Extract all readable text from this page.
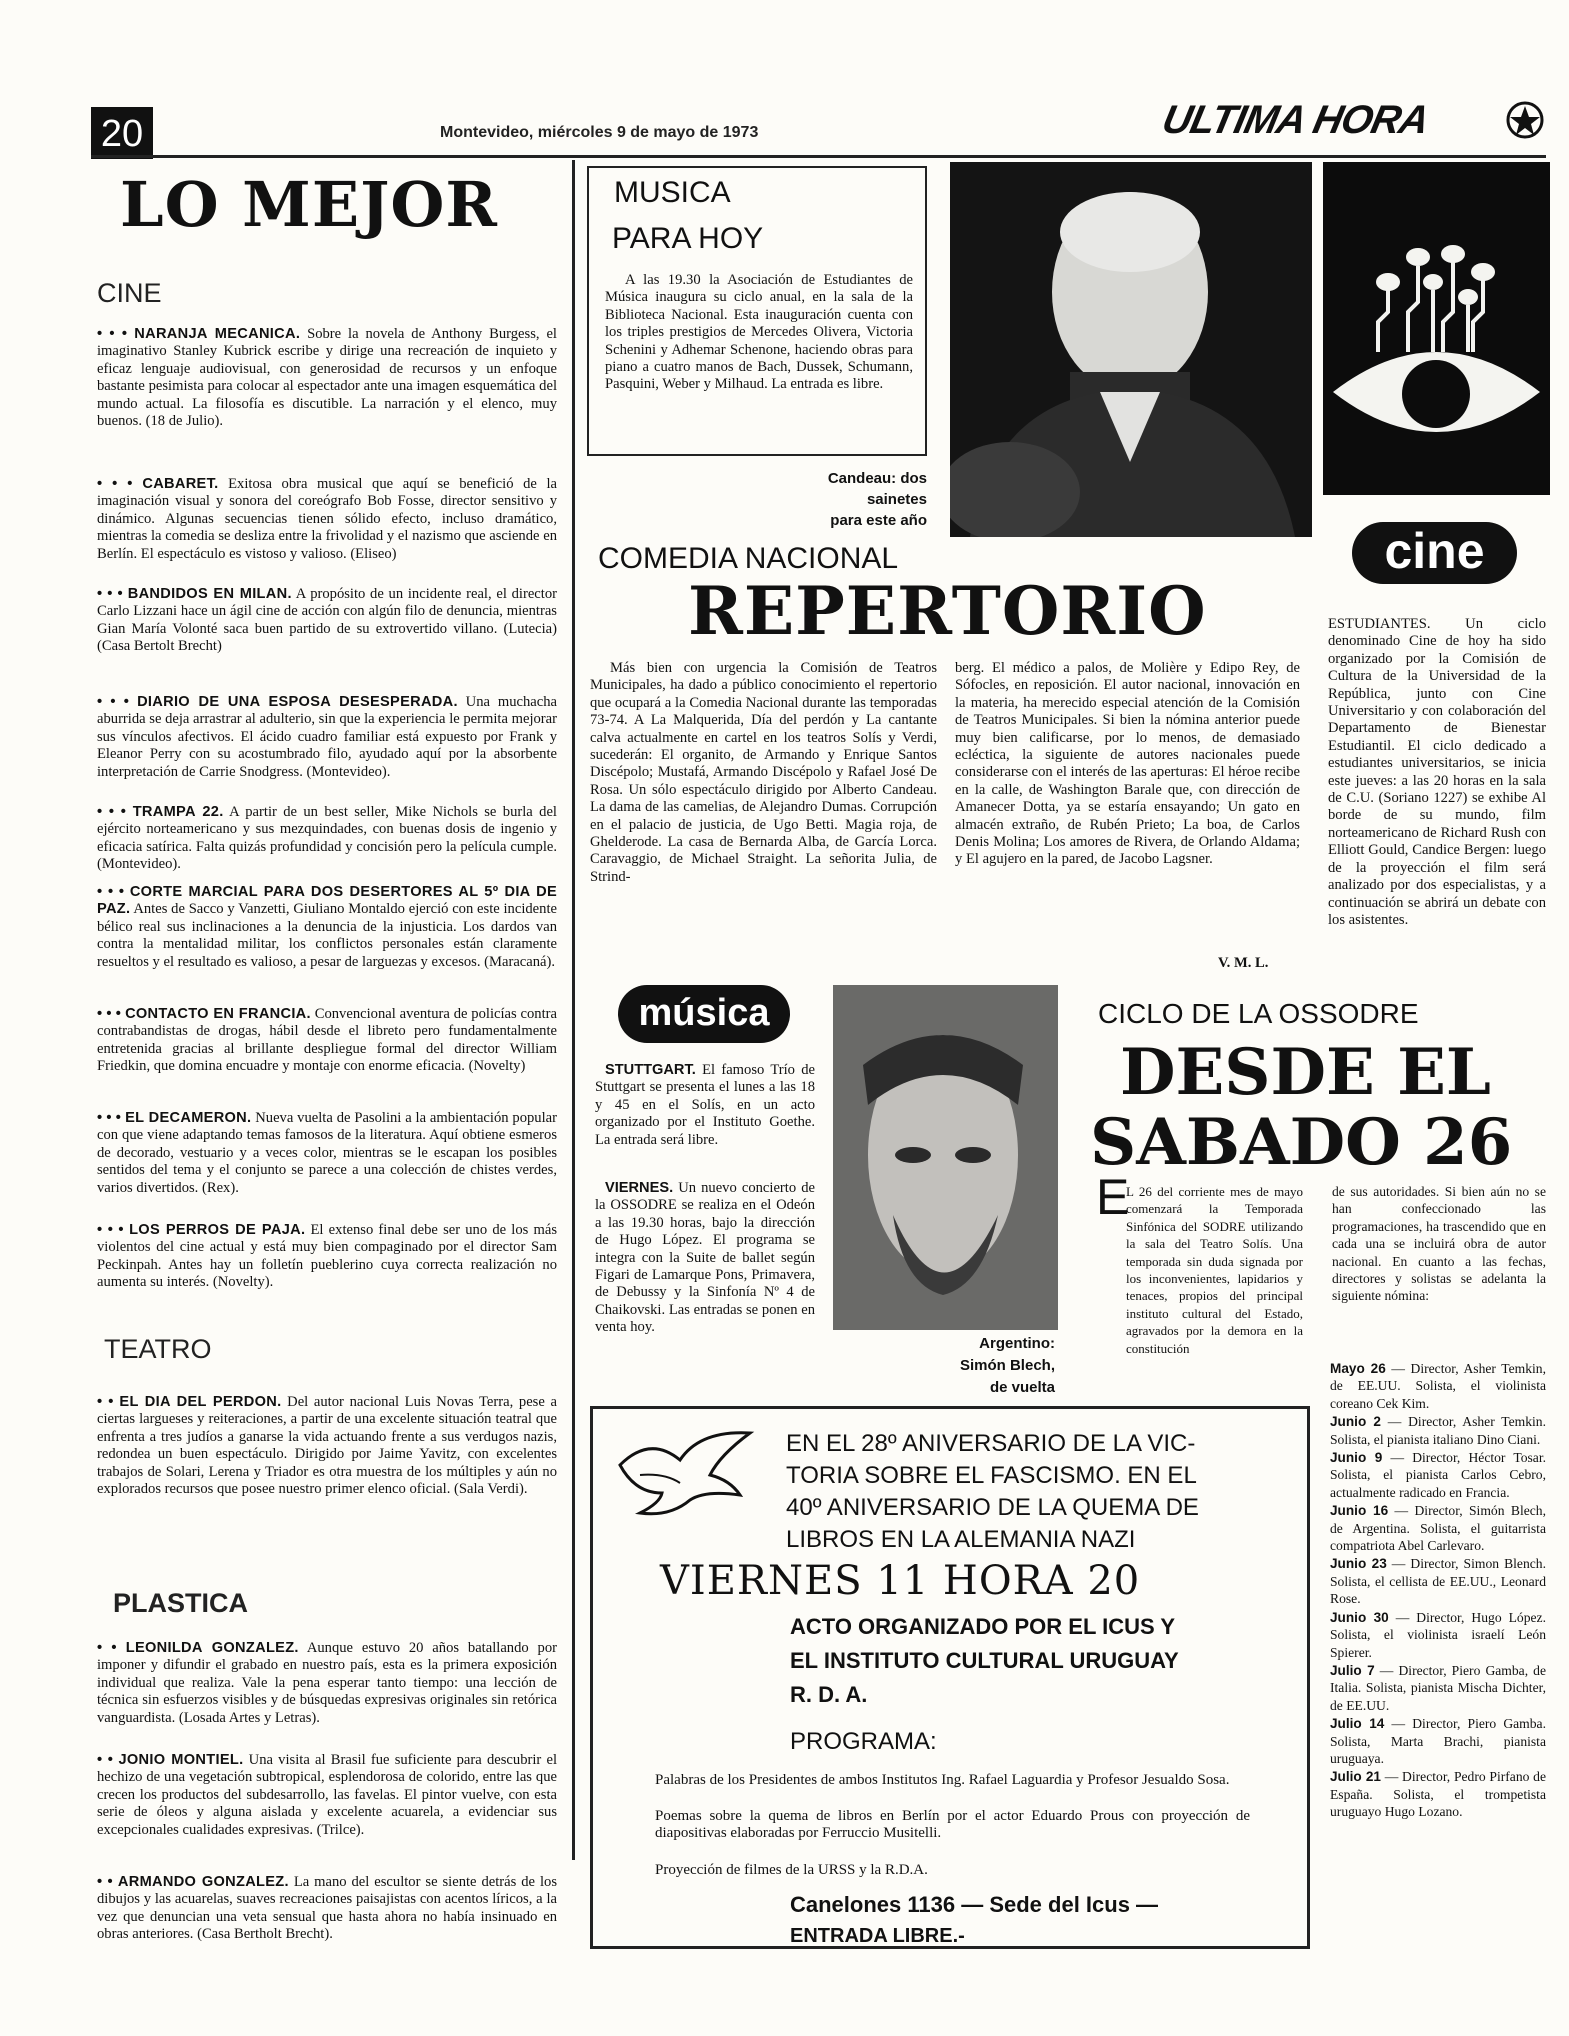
20	Montevideo, miércoles 9 de mayo de 1973	ULTIMA HORA
LO MEJOR
CINE

• • • NARANJA MECANICA. Sobre la novela de Anthony Burgess, el imaginativo Stanley Kubrick escribe y dirige una recreación de inquieto y eficaz lenguaje audiovisual, con generosidad de recursos y un enfoque bastante pesimista para colocar al espectador ante una imagen esquemática del mundo actual. La filosofía es discutible. La narración y el elenco, muy buenos. (18 de Julio).

• • • CABARET. Exitosa obra musical que aquí se benefició de la imaginación visual y sonora del coreógrafo Bob Fosse, director sensitivo y dinámico. Algunas secuencias tienen sólido efecto, incluso dramático, mientras la comedia se desliza entre la frivolidad y el nazismo que asciende en Berlín. El espectáculo es vistoso y valioso. (Eliseo)

• • • BANDIDOS EN MILAN. A propósito de un incidente real, el director Carlo Lizzani hace un ágil cine de acción con algún filo de denuncia, mientras Gian María Volonté saca buen partido de su extrovertido villano. (Lutecia) (Casa Bertolt Brecht)

• • • DIARIO DE UNA ESPOSA DESESPERADA. Una muchacha aburrida se deja arrastrar al adulterio, sin que la experiencia le permita mejorar sus vínculos afectivos. El ácido cuadro familiar está expuesto por Frank y Eleanor Perry con su acostumbrado filo, ayudado aquí por la absorbente interpretación de Carrie Snodgress. (Montevideo).

• • • TRAMPA 22. A partir de un best seller, Mike Nichols se burla del ejército norteamericano y sus mezquindades, con buenas dosis de ingenio y eficacia satírica. Falta quizás profundidad y concisión pero la película cumple. (Montevideo).

• • • CORTE MARCIAL PARA DOS DESERTORES AL 5º DIA DE PAZ. Antes de Sacco y Vanzetti, Giuliano Montaldo ejerció con este incidente bélico real sus inclinaciones a la denuncia de la injusticia. Los dardos van contra la mentalidad militar, los conflictos personales están claramente resueltos y el resultado es valioso, a pesar de larguezas y excesos. (Maracaná).

• • • CONTACTO EN FRANCIA. Convencional aventura de policías contra contrabandistas de drogas, hábil desde el libreto pero fundamentalmente entretenida gracias al brillante despliegue formal del director William Friedkin, que domina encuadre y montaje con enorme eficacia. (Novelty)

• • • EL DECAMERON. Nueva vuelta de Pasolini a la ambientación popular con que viene adaptando temas famosos de la literatura. Aquí obtiene esmeros de decorado, vestuario y a veces color, mientras se le escapan los posibles sentidos del tema y el conjunto se parece a una colección de chistes verdes, varios divertidos. (Rex).

• • • LOS PERROS DE PAJA. El extenso final debe ser uno de los más violentos del cine actual y está muy bien compaginado por el director Sam Peckinpah. Antes hay un folletín pueblerino cuya correcta realización no aumenta su interés. (Novelty).

TEATRO

• • EL DIA DEL PERDON. Del autor nacional Luis Novas Terra, pese a ciertas largueses y reiteraciones, a partir de una excelente situación teatral que enfrenta a tres judíos a ganarse la vida actuando frente a sus verdugos nazis, redondea un buen espectáculo. Dirigido por Jaime Yavitz, con excelentes trabajos de Solari, Lerena y Triador es otra muestra de los múltiples y aún no explorados recursos que posee nuestro primer elenco oficial. (Sala Verdi).

PLASTICA

• • LEONILDA GONZALEZ. Aunque estuvo 20 años batallando por imponer y difundir el grabado en nuestro país, esta es la primera exposición individual que realiza. Vale la pena esperar tanto tiempo: una lección de técnica sin esfuerzos visibles y de búsquedas expresivas originales sin retórica vanguardista. (Losada Artes y Letras).

• • JONIO MONTIEL. Una visita al Brasil fue suficiente para descubrir el hechizo de una vegetación subtropical, esplendorosa de colorido, entre las que crecen los productos del subdesarrollo, las favelas. El pintor vuelve, con esta serie de óleos y alguna aislada y excelente acuarela, a evidenciar sus excepcionales cualidades expresivas. (Trilce).

• • ARMANDO GONZALEZ. La mano del escultor se siente detrás de los dibujos y las acuarelas, suaves recreaciones paisajistas con acentos líricos, a la vez que denuncian una veta sensual que hasta ahora no había insinuado en obras anteriores. (Casa Bertholt Brecht).

MUSICA
PARA HOY

A las 19.30 la Asociación de Estudiantes de Música inaugura su ciclo anual, en la sala de la Biblioteca Nacional. Esta inauguración cuenta con los triples prestigios de Mercedes Olivera, Victoria Schenini y Adhemar Schenone, haciendo obras para piano a cuatro manos de Bach, Dussek, Schumann, Pasquini, Weber y Milhaud. La entrada es libre.

Candeau: dos
sainetes
para este año
cine
COMEDIA NACIONAL
REPERTORIO

Más bien con urgencia la Comisión de Teatros Municipales, ha dado a público conocimiento el repertorio que ocupará a la Comedia Nacional durante las temporadas 73-74. A La Malquerida, Día del perdón y La cantante calva actualmente en cartel en los teatros Solís y Verdi, sucederán: El organito, de Armando y Enrique Santos Discépolo; Mustafá, Armando Discépolo y Rafael José De Rosa. Un sólo espectáculo dirigido por Alberto Candeau. La dama de las camelias, de Alejandro Dumas. Corrupción en el palacio de justicia, de Ugo Betti. Magia roja, de Ghelderode. La casa de Bernarda Alba, de García Lorca. Caravaggio, de Michael Straight. La señorita Julia, de Strind-

berg. El médico a palos, de Molière y Edipo Rey, de Sófocles, en reposición. El autor nacional, innovación en la materia, ha merecido especial atención de la Comisión de Teatros Municipales. Si bien la nómina anterior puede muy bien calificarse, por lo menos, de demasiado ecléctica, la siguiente de autores nacionales puede considerarse con el interés de las aperturas: El héroe recibe en la calle, de Washington Barale que, con dirección de Amanecer Dotta, ya se estaría ensayando; Un gato en almacén extraño, de Rubén Prieto; La boa, de Carlos Denis Molina; Los amores de Rivera, de Orlando Aldama; y El agujero en la pared, de Jacobo Lagsner.

V. M. L.

ESTUDIANTES. Un ciclo denominado Cine de hoy ha sido organizado por la Comisión de Cultura de la Universidad de la República, junto con Cine Universitario y con colaboración del Departamento de Bienestar Estudiantil. El ciclo dedicado a estudiantes universitarios, se inicia este jueves: a las 20 horas en la sala de C.U. (Soriano 1227) se exhibe Al borde de su mundo, film norteamericano de Richard Rush con Elliott Gould, Candice Bergen: luego de la proyección el film será analizado por dos especialistas, y a continuación se abrirá un debate con los asistentes.

música

STUTTGART. El famoso Trío de Stuttgart se presenta el lunes a las 18 y 45 en el Solís, en un acto organizado por el Instituto Goethe. La entrada será libre.

VIERNES. Un nuevo concierto de la OSSODRE se realiza en el Odeón a las 19.30 horas, bajo la dirección de Hugo López. El programa se integra con la Suite de ballet según Figari de Lamarque Pons, Primavera, de Debussy y la Sinfonía Nº 4 de Chaikovski. Las entradas se ponen en venta hoy.

Argentino:
Simón Blech,
de vuelta
CICLO DE LA OSSODRE
DESDE EL
SABADO 26
E

L 26 del corriente mes de mayo comenzará la Temporada Sinfónica del SODRE utilizando la sala del Teatro Solís. Una temporada sin duda signada por los inconvenientes, lapidarios y tenaces, propios del principal instituto cultural del Estado, agravados por la demora en la constitución

de sus autoridades. Si bien aún no se han confeccionado las programaciones, ha trascendido que en cada una se incluirá obra de autor nacional. En cuanto a las fechas, directores y solistas se adelanta la siguiente nómina:

Mayo 26 — Director, Asher Temkin, de EE.UU. Solista, el violinista coreano Cek Kim.

Junio 2 — Director, Asher Temkin. Solista, el pianista italiano Dino Ciani.

Junio 9 — Director, Héctor Tosar. Solista, el pianista Carlos Cebro, actualmente radicado en Francia.

Junio 16 — Director, Simón Blech, de Argentina. Solista, el guitarrista compatriota Abel Carlevaro.

Junio 23 — Director, Simon Blench. Solista, el cellista de EE.UU., Leonard Rose.

Junio 30 — Director, Hugo López. Solista, el violinista israelí León Spierer.

Julio 7 — Director, Piero Gamba, de Italia. Solista, pianista Mischa Dichter, de EE.UU.

Julio 14 — Director, Piero Gamba. Solista, Marta Brachi, pianista uruguaya.

Julio 21 — Director, Pedro Pirfano de España. Solista, el trompetista uruguayo Hugo Lozano.

EN EL 28º ANIVERSARIO DE LA VIC-
TORIA SOBRE EL FASCISMO. EN EL
40º ANIVERSARIO DE LA QUEMA DE
LIBROS EN LA ALEMANIA NAZI
VIERNES 11 HORA 20
ACTO ORGANIZADO POR EL ICUS Y
EL INSTITUTO CULTURAL URUGUAY
R. D. A.
PROGRAMA:

Palabras de los Presidentes de ambos Institutos Ing. Rafael Laguardia y Profesor Jesualdo Sosa.

Poemas sobre la quema de libros en Berlín por el actor Eduardo Prous con proyección de diapositivas elaboradas por Ferruccio Musitelli.

Proyección de filmes de la URSS y la R.D.A.

Canelones 1136 — Sede del Icus —
ENTRADA LIBRE.-
